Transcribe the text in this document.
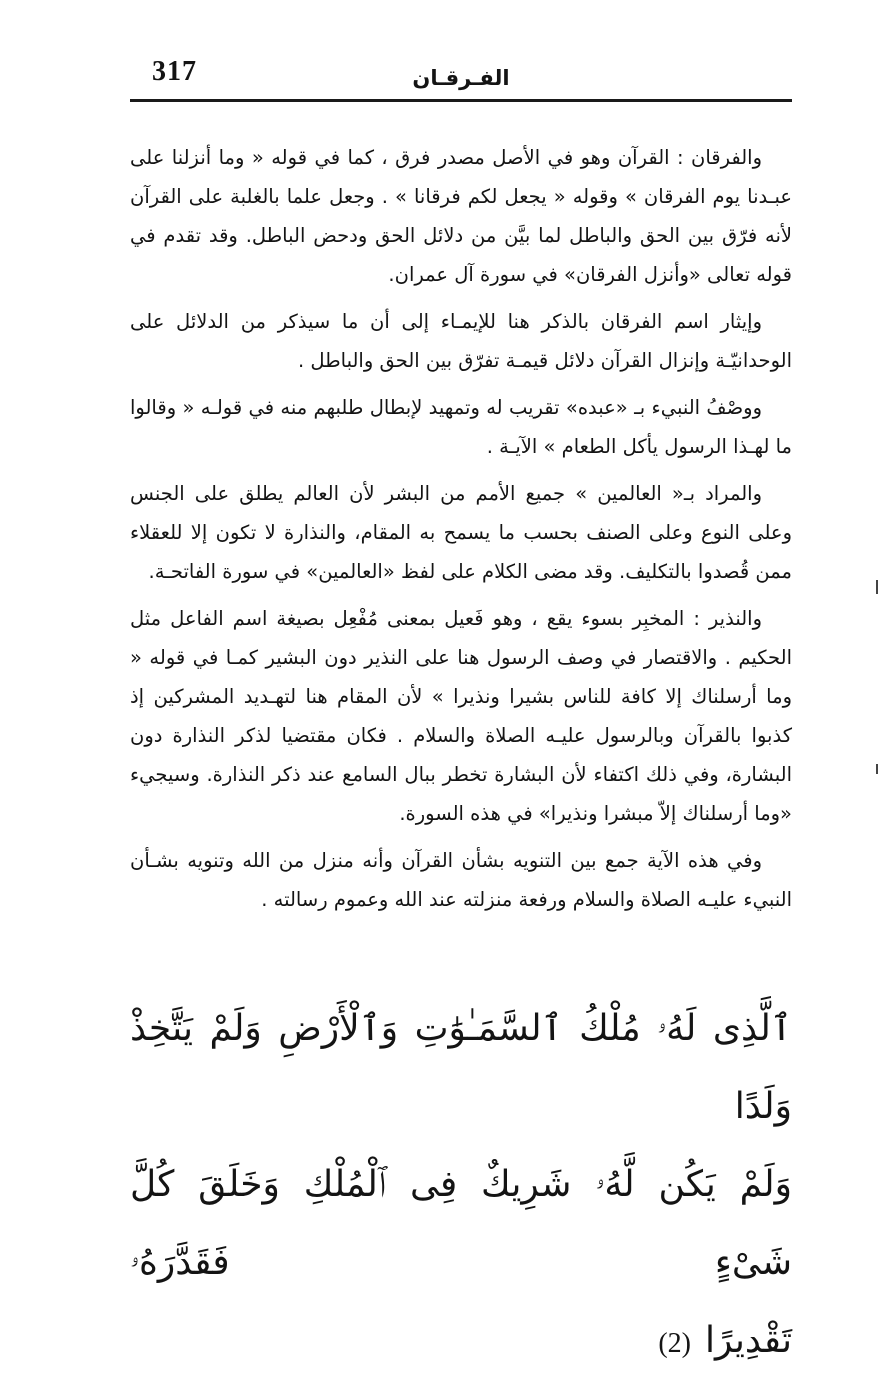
317	الفـرقـان

والفرقان : القرآن وهو في الأصل مصدر فرق ، كما في قوله « وما أنزلنا على عبـدنا يوم الفرقان » وقوله « يجعل لكم فرقانا » . وجعل علما بالغلبة على القرآن لأنه فرّق بين الحق والباطل لما بيَّن من دلائل الحق ودحض الباطل. وقد تقدم في قوله تعالى «وأنزل الفرقان» في سورة آل عمران.

وإيثار اسم الفرقان بالذكر هنا للإيمـاء إلى أن ما سيذكر من الدلائل على الوحدانيّـة وإنزال القرآن دلائل قيمـة تفرّق بين الحق والباطل .

ووصْفُ النبيء بـ «عبده» تقريب له وتمهيد لإبطال طلبهم منه في قولـه « وقالوا ما لهـذا الرسول يأكل الطعام » الآيـة .

والمراد بـ« العالمين » جميع الأمم من البشر لأن العالم يطلق على الجنس وعلى النوع وعلى الصنف بحسب ما يسمح به المقام، والنذارة لا تكون إلا للعقلاء ممن قُصدوا بالتكليف. وقد مضى الكلام على لفظ «العالمين» في سورة الفاتحـة.

والنذير : المخبِر بسوء يقع ، وهو فَعيل بمعنى مُفْعِل بصيغة اسم الفاعل مثل الحكيم . والاقتصار في وصف الرسول هنا على النذير دون البشير كمـا في قوله « وما أرسلناك إلا كافة للناس بشيرا ونذيرا » لأن المقام هنا لتهـديد المشركين إذ كذبوا بالقرآن وبالرسول عليـه الصلاة والسلام . فكان مقتضيا لذكر النذارة دون البشارة، وفي ذلك اكتفاء لأن البشارة تخطر ببال السامع عند ذكر النذارة. وسيجيء «وما أرسلناك إلاّ مبشرا ونذيرا» في هذه السورة.

وفي هذه الآية جمع بين التنويه بشأن القرآن وأنه منزل من الله وتنويه بشـأن النبيء عليـه الصلاة والسلام ورفعة منزلته عند الله وعموم رسالته .

ٱلَّذِى لَهُۥ مُلْكُ ٱلسَّمَـٰوَٰتِ وَٱلْأَرْضِ وَلَمْ يَتَّخِذْ وَلَدًا
وَلَمْ يَكُن لَّهُۥ شَرِيكٌ فِى ٱلْمُلْكِ وَخَلَقَ كُلَّ شَىْءٍ فَقَدَّرَهُۥ
تَقْدِيرًا(2)
